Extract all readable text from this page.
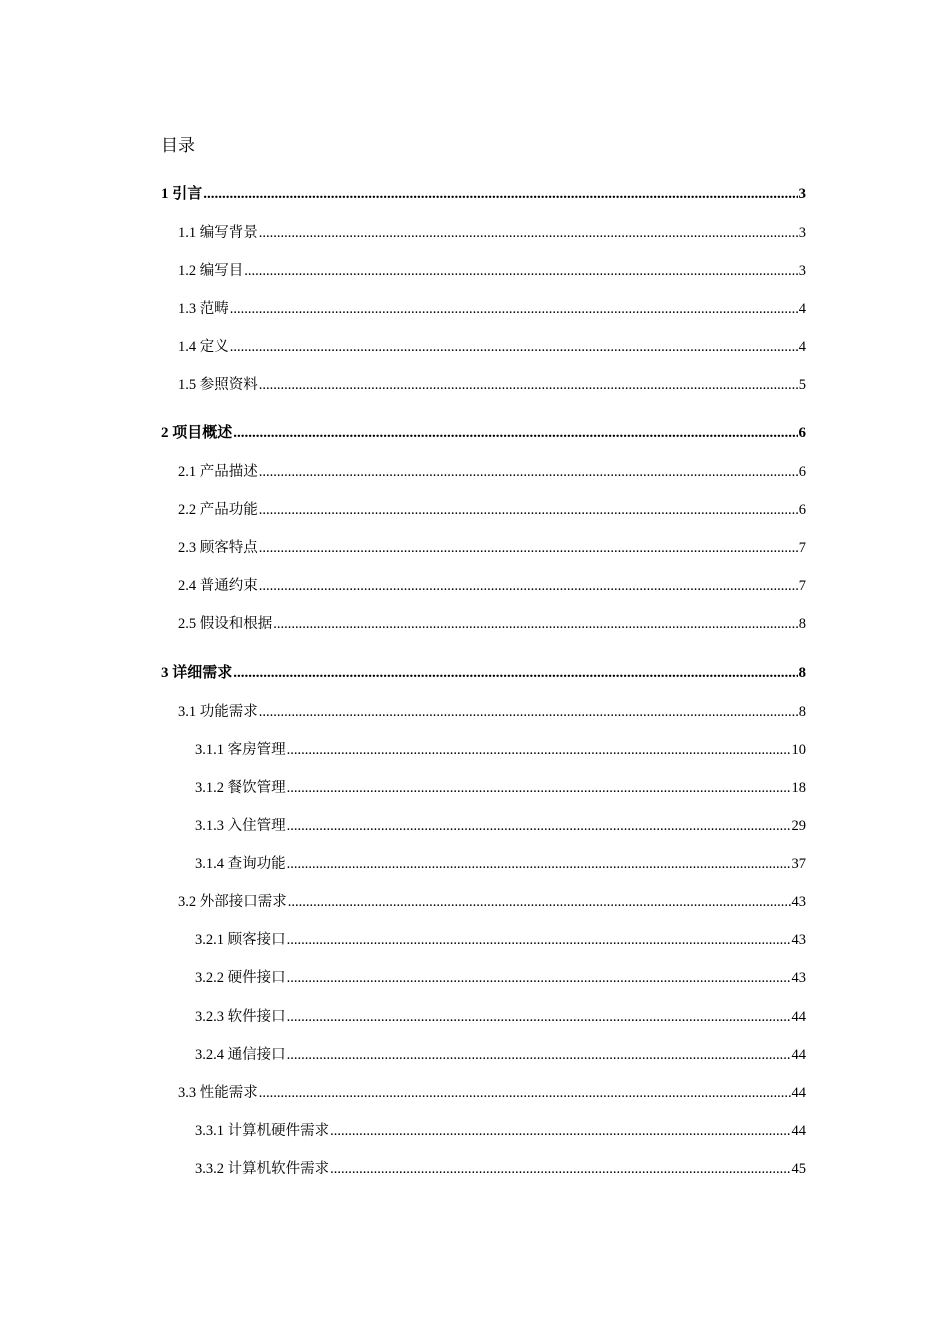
目录
1 引言 .....	3
1.1 编写背景 .....	3
1.2 编写目 .....	3
1.3 范畴 .....	4
1.4 定义 .....	4
1.5 参照资料 .....	5
2 项目概述 .....	6
2.1 产品描述 .....	6
2.2 产品功能 .....	6
2.3 顾客特点 .....	7
2.4 普通约束 .....	7
2.5 假设和根据 .....	8
3 详细需求 .....	8
3.1 功能需求 .....	8
3.1.1 客房管理 .....	10
3.1.2 餐饮管理 .....	18
3.1.3 入住管理 .....	29
3.1.4 查询功能 .....	37
3.2 外部接口需求 .....	43
3.2.1 顾客接口 .....	43
3.2.2 硬件接口 .....	43
3.2.3 软件接口 .....	44
3.2.4 通信接口 .....	44
3.3 性能需求 .....	44
3.3.1 计算机硬件需求 .....	44
3.3.2 计算机软件需求 .....	45
